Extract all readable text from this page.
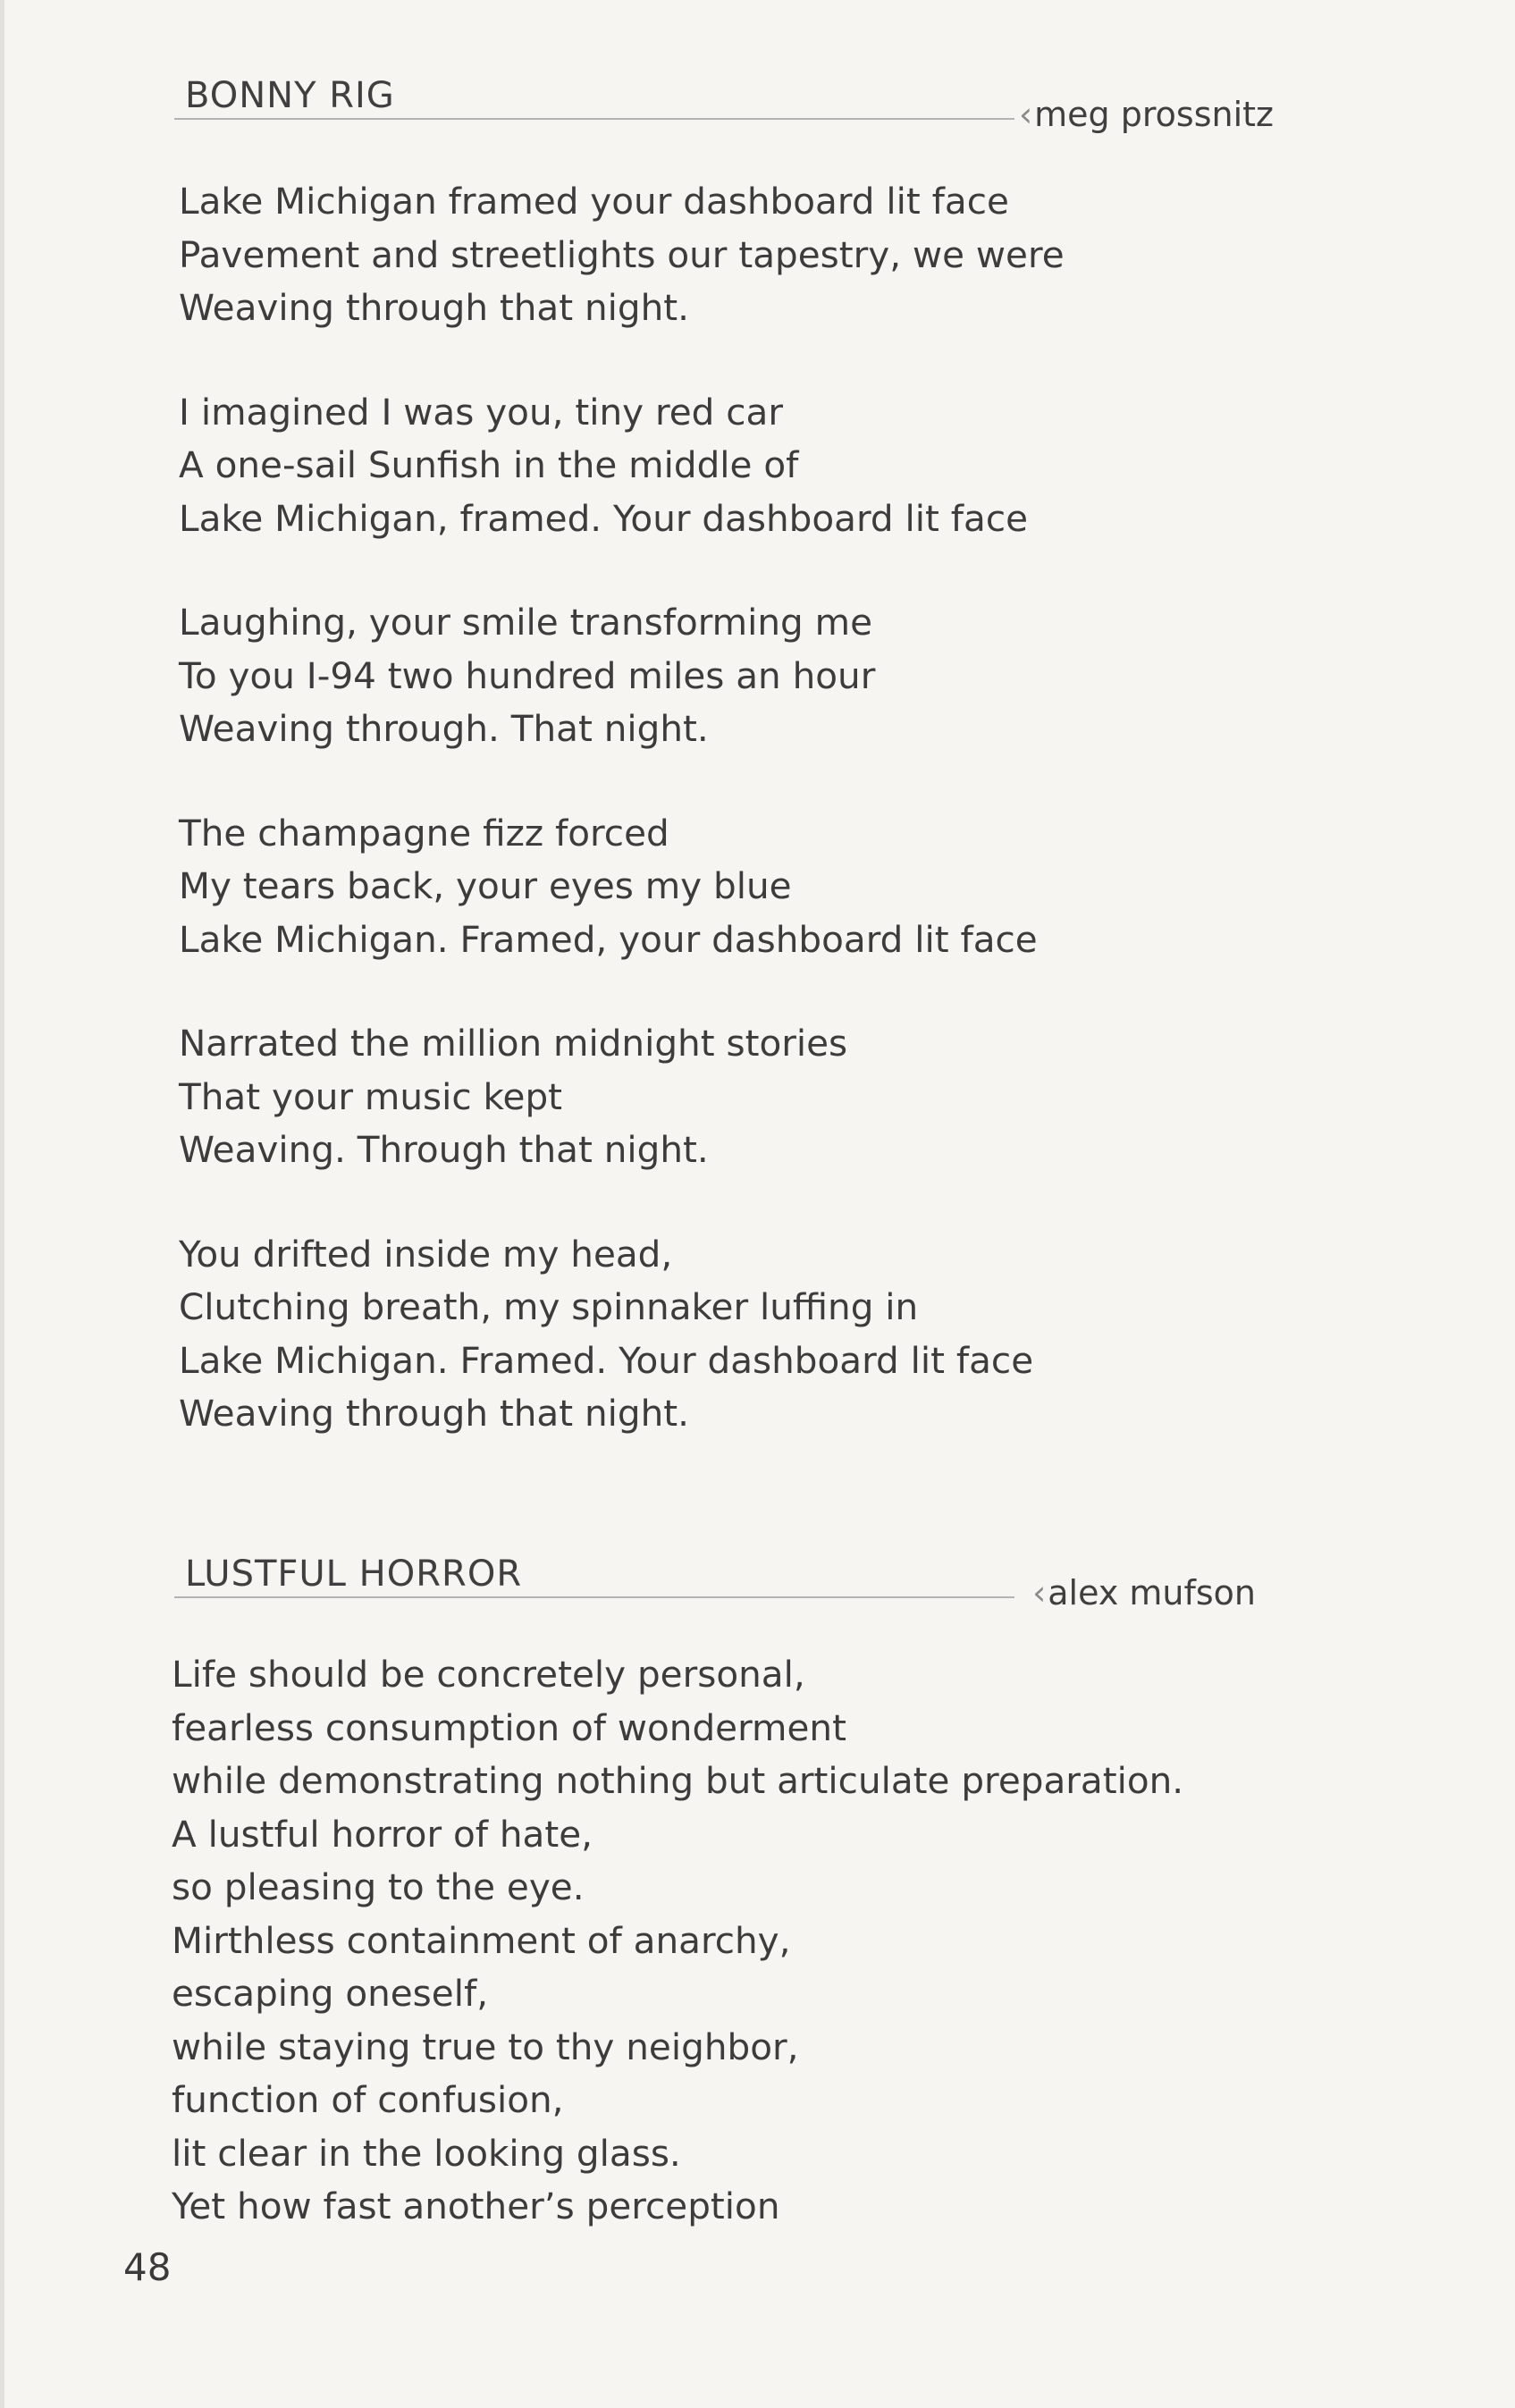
BONNY RIG	‹meg prossnitz
Lake Michigan framed your dashboard lit face
Pavement and streetlights our tapestry, we were
Weaving through that night.
I imagined I was you, tiny red car
A one-sail Sunfish in the middle of
Lake Michigan, framed. Your dashboard lit face
Laughing, your smile transforming me
To you I-94 two hundred miles an hour
Weaving through. That night.
The champagne fizz forced
My tears back, your eyes my blue
Lake Michigan. Framed, your dashboard lit face
Narrated the million midnight stories
That your music kept
Weaving. Through that night.
You drifted inside my head,
Clutching breath, my spinnaker luffing in
Lake Michigan. Framed. Your dashboard lit face
Weaving through that night.
LUSTFUL HORROR	‹alex mufson
Life should be concretely personal,
fearless consumption of wonderment
while demonstrating nothing but articulate preparation.
A lustful horror of hate,
so pleasing to the eye.
Mirthless containment of anarchy,
escaping oneself,
while staying true to thy neighbor,
function of confusion,
lit clear in the looking glass.
Yet how fast another’s perception
48
